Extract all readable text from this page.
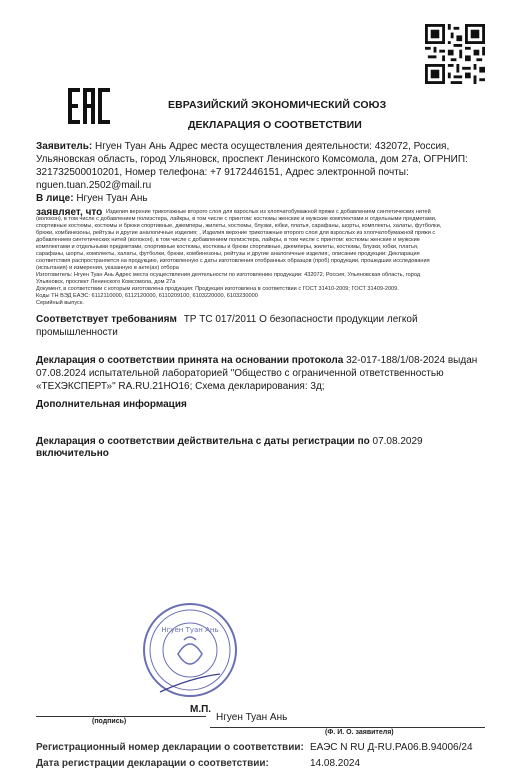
ЕВРАЗИЙСКИЙ ЭКОНОМИЧЕСКИЙ СОЮЗ
ДЕКЛАРАЦИЯ О СООТВЕТСТВИИ
Заявитель: Нгуен Туан Ань Адрес места осуществления деятельности: 432072, Россия,
Ульяновская область, город Ульяновск, проспект Ленинского Комсомола, дом 27а, ОГРНИП:
321732500010201, Номер телефона: +7 9172446151, Адрес электронной почты:
nguen.tuan.2502@mail.ru
В лице: Нгуен Туан Ань
заявляет, что Изделия верхние трикотажные второго слоя для взрослых из хлопчатобумажной пряжи с добавлением синтетических нитей
(волокон), в том числе с добавлением полиэстера, лайкры, в том числе с принтом: костюмы женские и мужские комплектами и отдельными предметами,
спортивные костюмы, костюмы и брюки спортивные, джемперы, жилеты, костюмы, блузки, юбки, платья, сарафаны, шорты, комплекты, халаты, футболки,
брюки, комбинезоны, рейтузы и другие аналогичные изделия; , Изделия верхние трикотажные второго слоя для взрослых из хлопчатобумажной пряжи с
добавлением синтетических нитей (волокон), в том числе с добавлением полиэстера, лайкры, в том числе с принтом: костюмы женские и мужские
комплектами и отдельными предметами, спортивные костюмы, костюмы и брюки спортивные, джемперы, жилеты, костюмы, блузки, юбки, платья,
сарафаны, шорты, комплекты, халаты, футболки, брюки, комбинезоны, рейтузы и другие аналогичные изделия;, описание продукции: Декларация
соответствия распространяется на продукцию, изготовленную с даты изготовления отобранных образцов (проб) продукции, прошедших исследования
(испытания) и измерения, указанную в акте(ах) отбора
Изготовитель: Нгуен Туан Ань Адрес места осуществления деятельности по изготовлению продукции: 432072, Россия, Ульяновская область, город
Ульяновск, проспект Ленинского Комсомола, дом 27а
Документ, в соответствии с которым изготовлена продукция: Продукция изготовлена в соответствии с ГОСТ 31410-2009; ГОСТ 31409-2009.
Коды ТН ВЭД ЕАЭС: 6112110000, 6112120000, 6110209100, 6103220000, 6103230000
Серийный выпуск.
Соответствует требованиям ТР ТС 017/2011 О безопасности продукции легкой
промышленности
Декларация о соответствии принята на основании протокола 32-017-188/1/08-2024 выдан
07.08.2024 испытательной лабораторией "Общество с ограниченной ответственностью
«ТЕХЭКСПЕРТ»" RA.RU.21НО16; Схема декларирования: 3д;
Дополнительная информация
Декларация о соответствии действительна с даты регистрации по 07.08.2029
включительно
Нгуен Туан Ань
М.П.
Нгуен Туан Ань
(подпись)
(Ф. И. О. заявителя)
Регистрационный номер декларации о соответствии: ЕАЭС N RU Д-RU.PA06.B.94006/24
Дата регистрации декларации о соответствии:	14.08.2024
